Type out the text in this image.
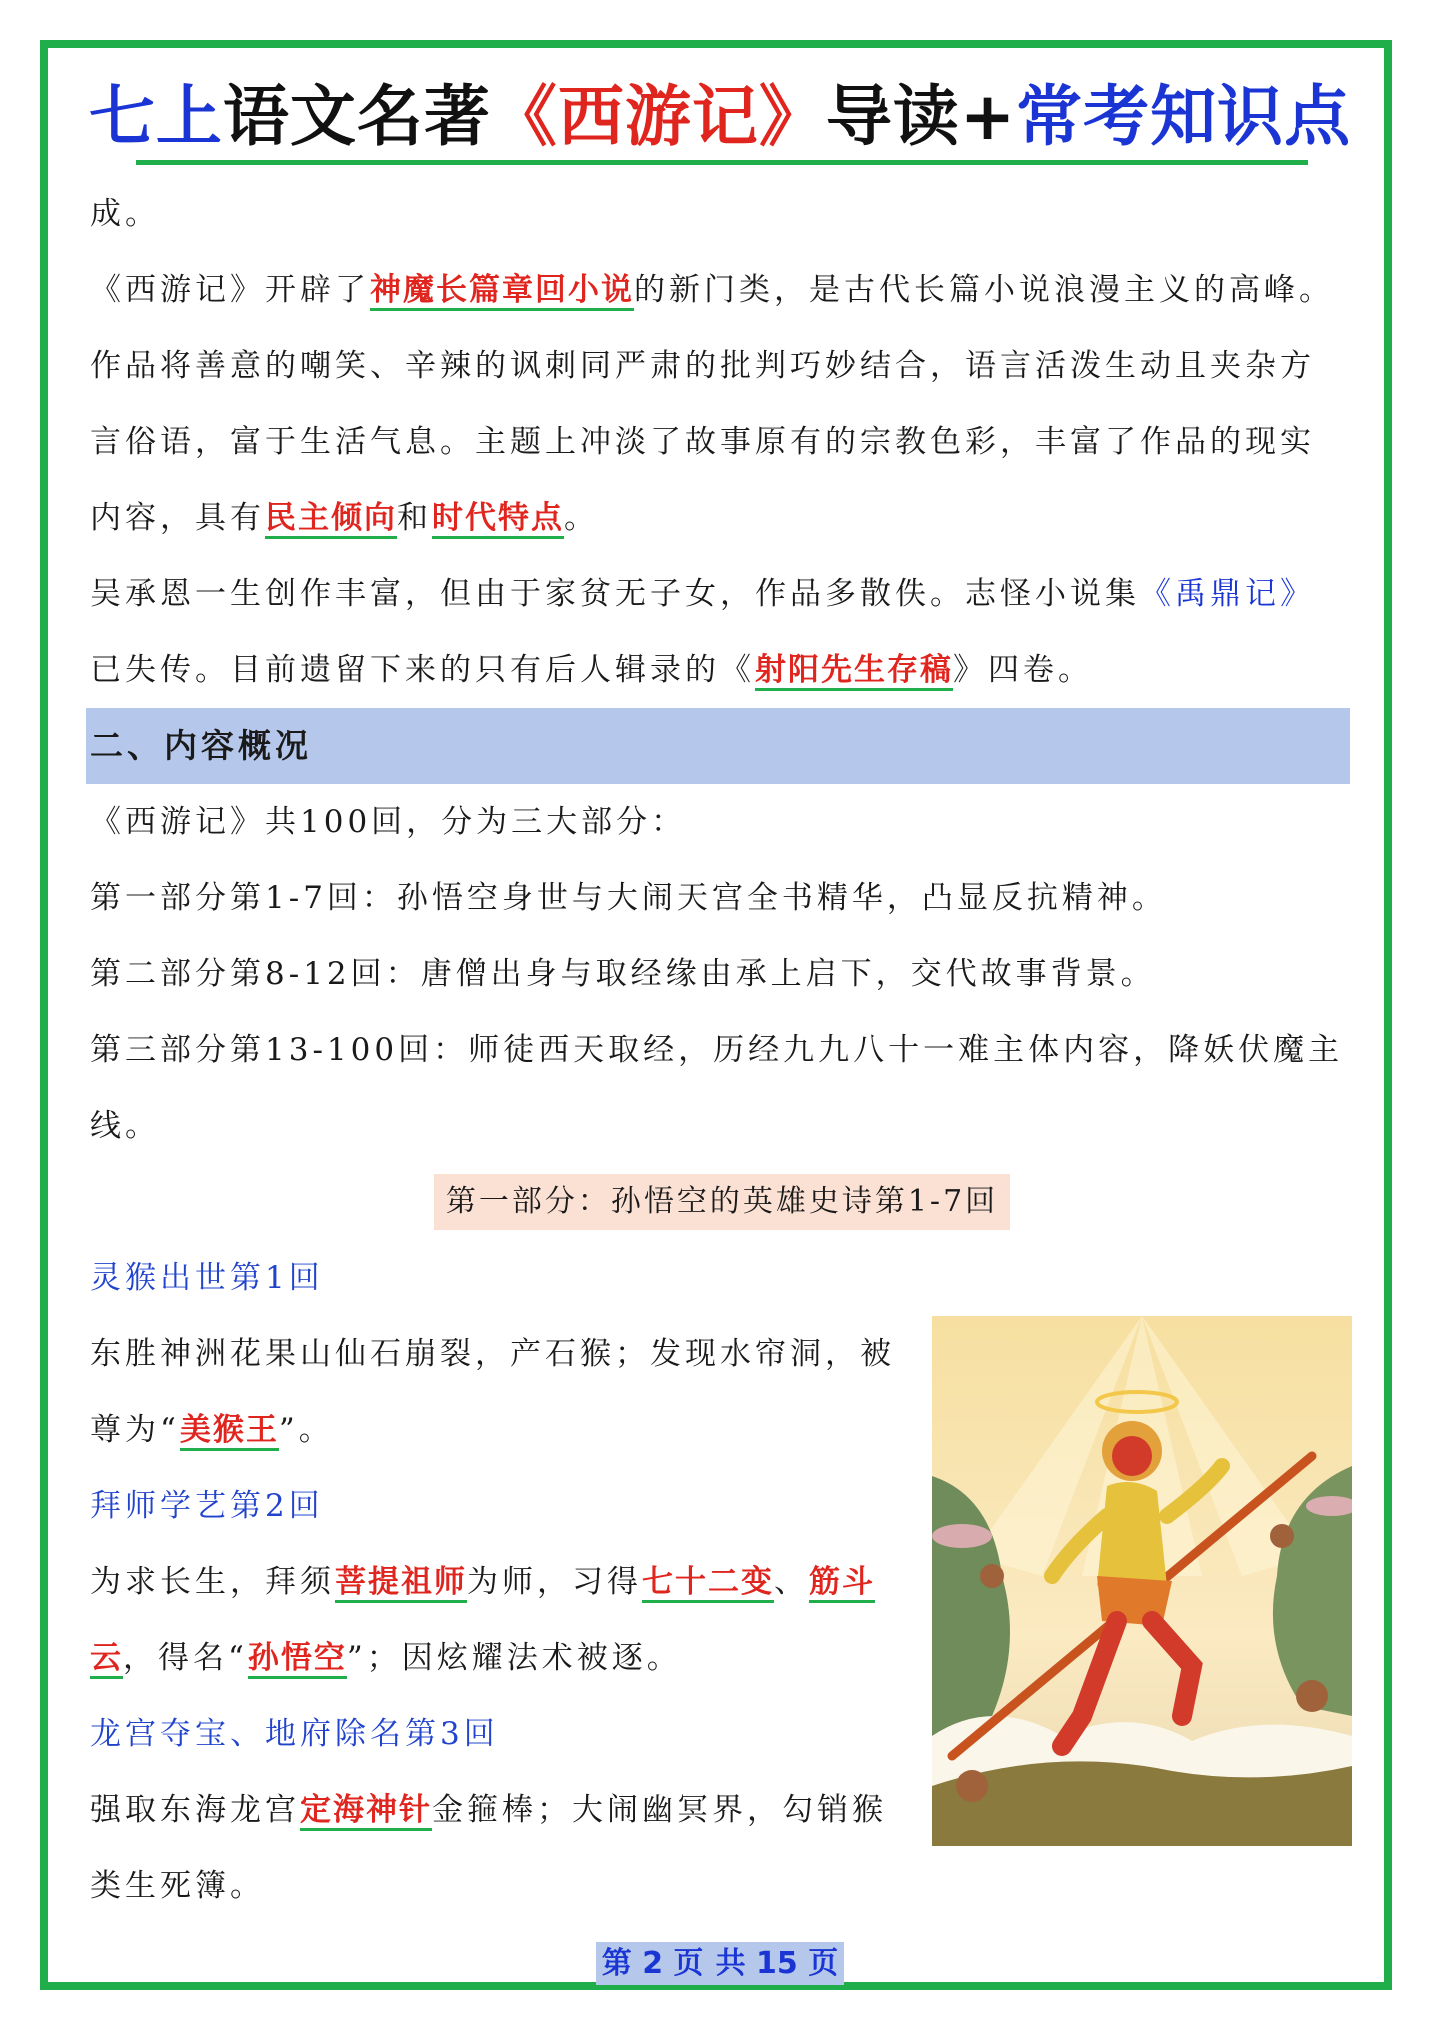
七上语文名著《西游记》导读+常考知识点
成。
《西游记》开辟了神魔长篇章回小说的新门类，是古代长篇小说浪漫主义的高峰。
作品将善意的嘲笑、辛辣的讽刺同严肃的批判巧妙结合，语言活泼生动且夹杂方
言俗语，富于生活气息。主题上冲淡了故事原有的宗教色彩，丰富了作品的现实
内容，具有民主倾向和时代特点。
吴承恩一生创作丰富，但由于家贫无子女，作品多散佚。志怪小说集《禹鼎记》
已失传。目前遗留下来的只有后人辑录的《射阳先生存稿》四卷。
二、内容概况
《西游记》共100回，分为三大部分：
第一部分第1-7回：孙悟空身世与大闹天宫全书精华，凸显反抗精神。
第二部分第8-12回：唐僧出身与取经缘由承上启下，交代故事背景。
第三部分第13-100回：师徒西天取经，历经九九八十一难主体内容，降妖伏魔主
线。
第一部分：孙悟空的英雄史诗第1-7回
灵猴出世第1回
东胜神洲花果山仙石崩裂，产石猴；发现水帘洞，被
尊为“美猴王”。
拜师学艺第2回
为求长生，拜须菩提祖师为师，习得七十二变、筋斗
云，得名“孙悟空”；因炫耀法术被逐。
龙宫夺宝、地府除名第3回
强取东海龙宫定海神针金箍棒；大闹幽冥界，勾销猴
类生死簿。
第 2 页 共 15 页
